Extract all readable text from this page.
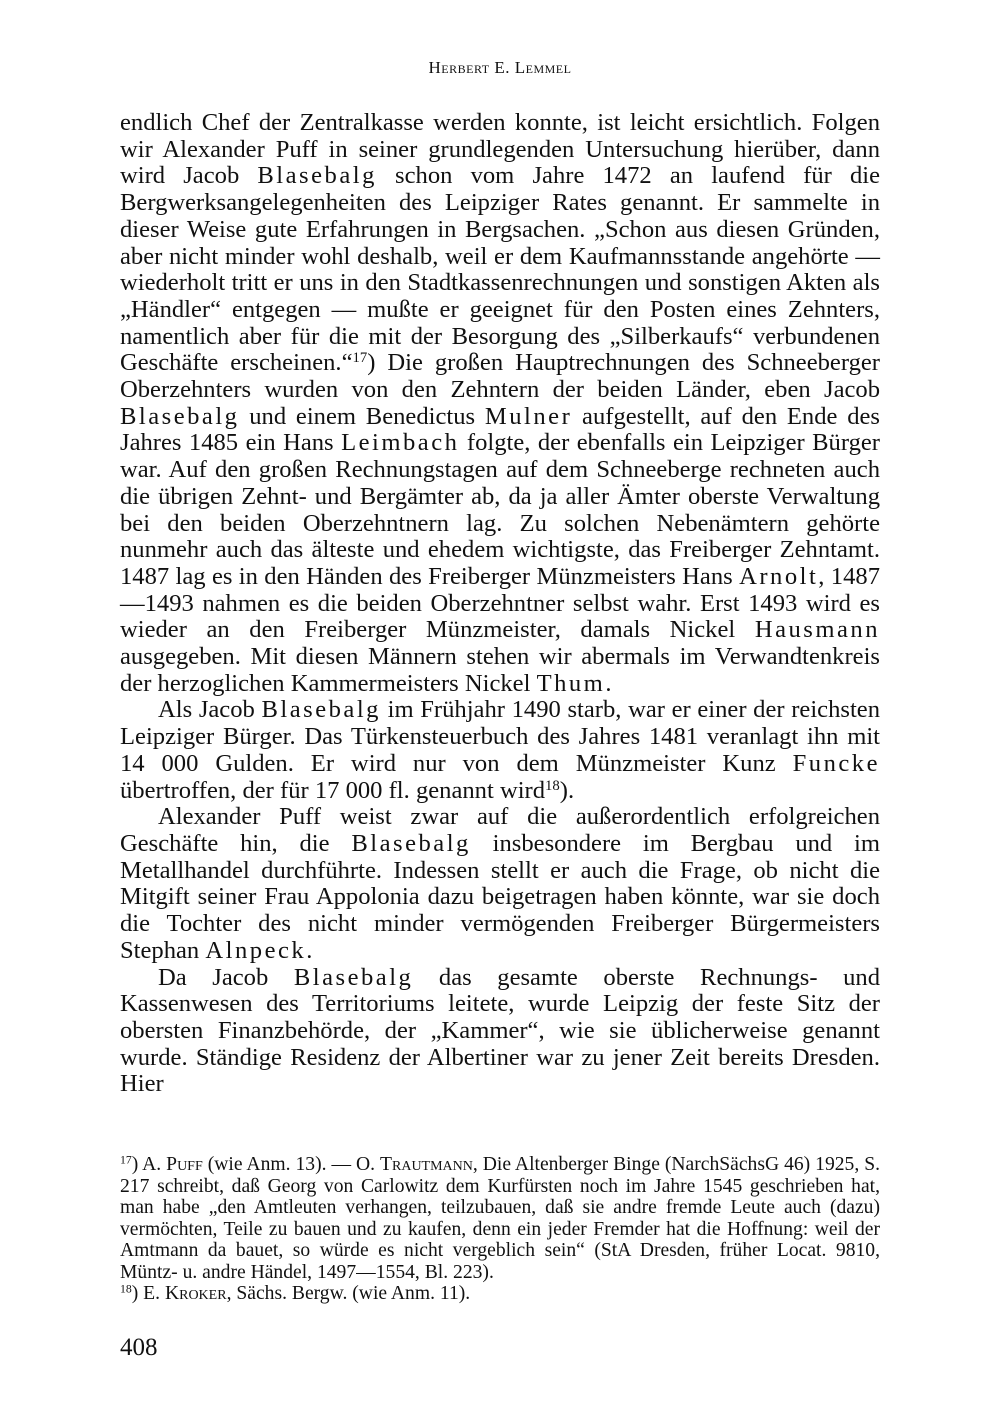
Herbert E. Lemmel

endlich Chef der Zentralkasse werden konnte, ist leicht ersichtlich. Folgen wir Alexander Puff in seiner grundlegenden Untersuchung hierüber, dann wird Jacob Blasebalg schon vom Jahre 1472 an laufend für die Bergwerksangelegenheiten des Leipziger Rates genannt. Er sammelte in dieser Weise gute Erfahrungen in Bergsachen. „Schon aus diesen Gründen, aber nicht minder wohl deshalb, weil er dem Kaufmannsstande angehörte — wiederholt tritt er uns in den Stadtkassenrechnungen und sonstigen Akten als „Händler“ entgegen — mußte er geeignet für den Posten eines Zehnters, namentlich aber für die mit der Besorgung des „Silberkaufs“ verbundenen Geschäfte erscheinen.“$^{17}$) Die großen Hauptrechnungen des Schneeberger Oberzehnters wurden von den Zehntern der beiden Länder, eben Jacob Blasebalg und einem Benedictus Mulner aufgestellt, auf den Ende des Jahres 1485 ein Hans Leimbach folgte, der ebenfalls ein Leipziger Bürger war. Auf den großen Rechnungstagen auf dem Schneeberge rechneten auch die übrigen Zehnt- und Bergämter ab, da ja aller Ämter oberste Verwaltung bei den beiden Oberzehntnern lag. Zu solchen Nebenämtern gehörte nunmehr auch das älteste und ehedem wichtigste, das Freiberger Zehntamt. 1487 lag es in den Händen des Freiberger Münzmeisters Hans Arnolt, 1487—1493 nahmen es die beiden Oberzehntner selbst wahr. Erst 1493 wird es wieder an den Freiberger Münzmeister, damals Nickel Hausmann ausgegeben. Mit diesen Männern stehen wir abermals im Verwandtenkreis der herzoglichen Kammermeisters Nickel Thum.

Als Jacob Blasebalg im Frühjahr 1490 starb, war er einer der reichsten Leipziger Bürger. Das Türkensteuerbuch des Jahres 1481 veranlagt ihn mit 14 000 Gulden. Er wird nur von dem Münzmeister Kunz Funcke übertroffen, der für 17 000 fl. genannt wird$^{18}$).

Alexander Puff weist zwar auf die außerordentlich erfolgreichen Geschäfte hin, die Blasebalg insbesondere im Bergbau und im Metallhandel durchführte. Indessen stellt er auch die Frage, ob nicht die Mitgift seiner Frau Appolonia dazu beigetragen haben könnte, war sie doch die Tochter des nicht minder vermögenden Freiberger Bürgermeisters Stephan Alnpeck.

Da Jacob Blasebalg das gesamte oberste Rechnungs- und Kassenwesen des Territoriums leitete, wurde Leipzig der feste Sitz der obersten Finanzbehörde, der „Kammer“, wie sie üblicherweise genannt wurde. Ständige Residenz der Albertiner war zu jener Zeit bereits Dresden. Hier

$^{17}$) A. Puff (wie Anm. 13). — O. Trautmann, Die Altenberger Binge (NarchSächsG 46) 1925, S. 217 schreibt, daß Georg von Carlowitz dem Kurfürsten noch im Jahre 1545 geschrieben hat, man habe „den Amtleuten verhangen, teilzubauen, daß sie andre fremde Leute auch (dazu) vermöchten, Teile zu bauen und zu kaufen, denn ein jeder Fremder hat die Hoffnung: weil der Amtmann da bauet, so würde es nicht vergeblich sein“ (StA Dresden, früher Locat. 9810, Müntz- u. andre Händel, 1497—1554, Bl. 223).

$^{18}$) E. Kroker, Sächs. Bergw. (wie Anm. 11).

408
